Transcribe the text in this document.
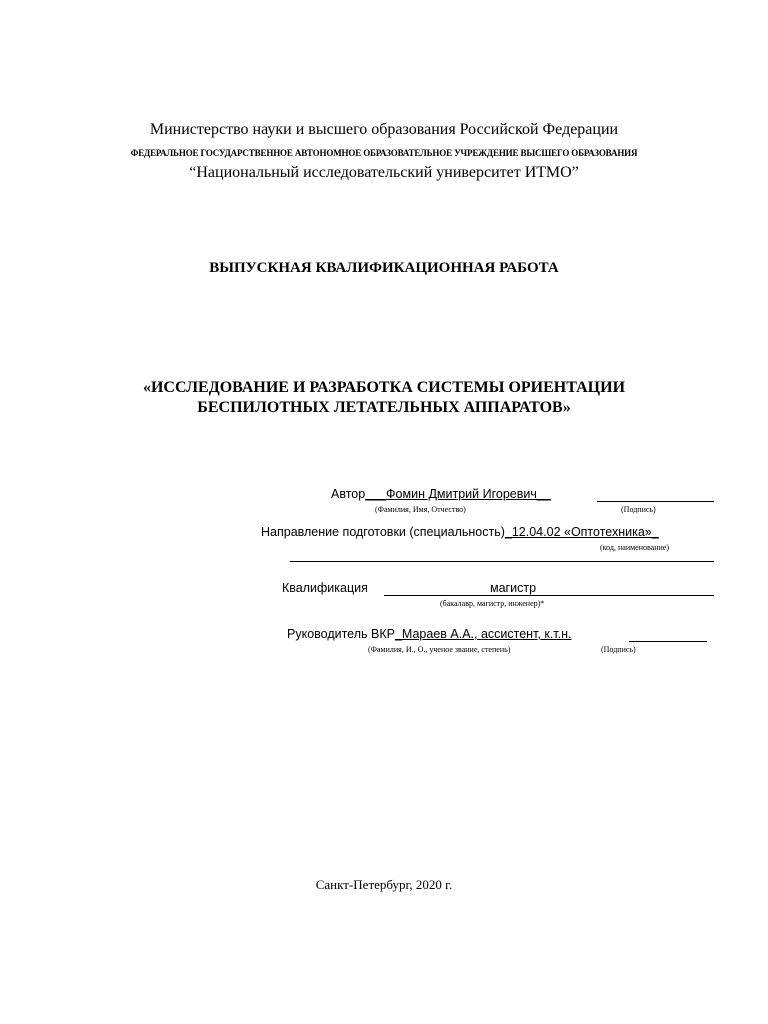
Министерство науки и высшего образования Российской Федерации
ФЕДЕРАЛЬНОЕ ГОСУДАРСТВЕННОЕ АВТОНОМНОЕ ОБРАЗОВАТЕЛЬНОЕ УЧРЕЖДЕНИЕ ВЫСШЕГО ОБРАЗОВАНИЯ
“Национальный исследовательский университет ИТМО”
ВЫПУСКНАЯ КВАЛИФИКАЦИОННАЯ РАБОТА
«ИССЛЕДОВАНИЕ И РАЗРАБОТКА СИСТЕМЫ ОРИЕНТАЦИИ
БЕСПИЛОТНЫХ ЛЕТАТЕЛЬНЫХ АППАРАТОВ»
Автор___Фомин Дмитрий Игоревич__
(Фамилия, Имя, Отчество)	(Подпись)
Направление подготовки (специальность)_12.04.02 «Оптотехника»_
(код, наименование)
Квалификация	магистр
(бакалавр, магистр, инженер)*
Руководитель ВКР_Мараев А.А., ассистент, к.т.н.
(Фамилия, И., О., ученое звание, степень)	(Подпись)
Санкт-Петербург, 2020 г.
